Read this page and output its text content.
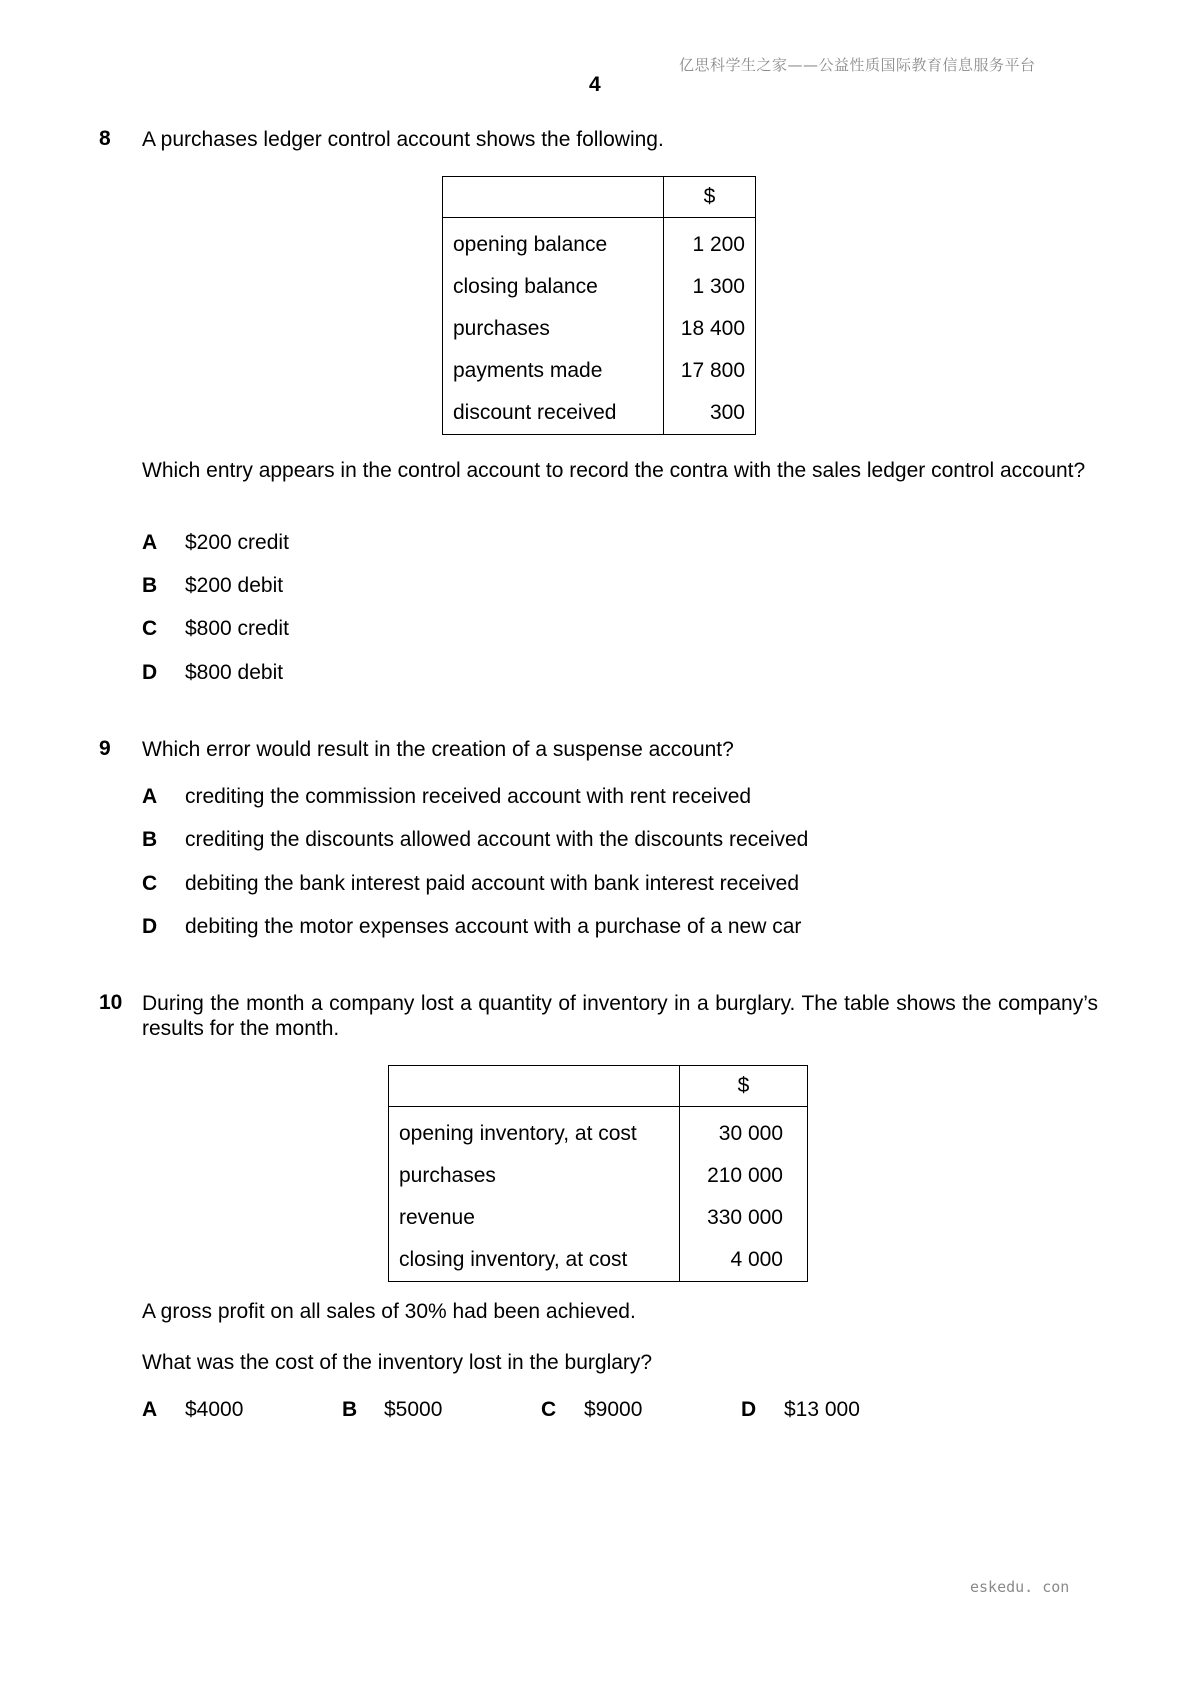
亿思科学生之家——公益性质国际教育信息服务平台
4
8 A purchases ledger control account shows the following.
	$
opening balance	1 200
closing balance	1 300
purchases	18 400
payments made	17 800
discount received	300
Which entry appears in the control account to record the contra with the sales ledger control account?
A $200 credit
B $200 debit
C $800 credit
D $800 debit
9 Which error would result in the creation of a suspense account?
A crediting the commission received account with rent received
B crediting the discounts allowed account with the discounts received
C debiting the bank interest paid account with bank interest received
D debiting the motor expenses account with a purchase of a new car
10 During the month a company lost a quantity of inventory in a burglary. The table shows the company’s results for the month.
	$
opening inventory, at cost	30 000
purchases	210 000
revenue	330 000
closing inventory, at cost	4 000
A gross profit on all sales of 30% had been achieved.
What was the cost of the inventory lost in the burglary?
A $4000	B $5000	C $9000	D $13 000
eskedu. con
